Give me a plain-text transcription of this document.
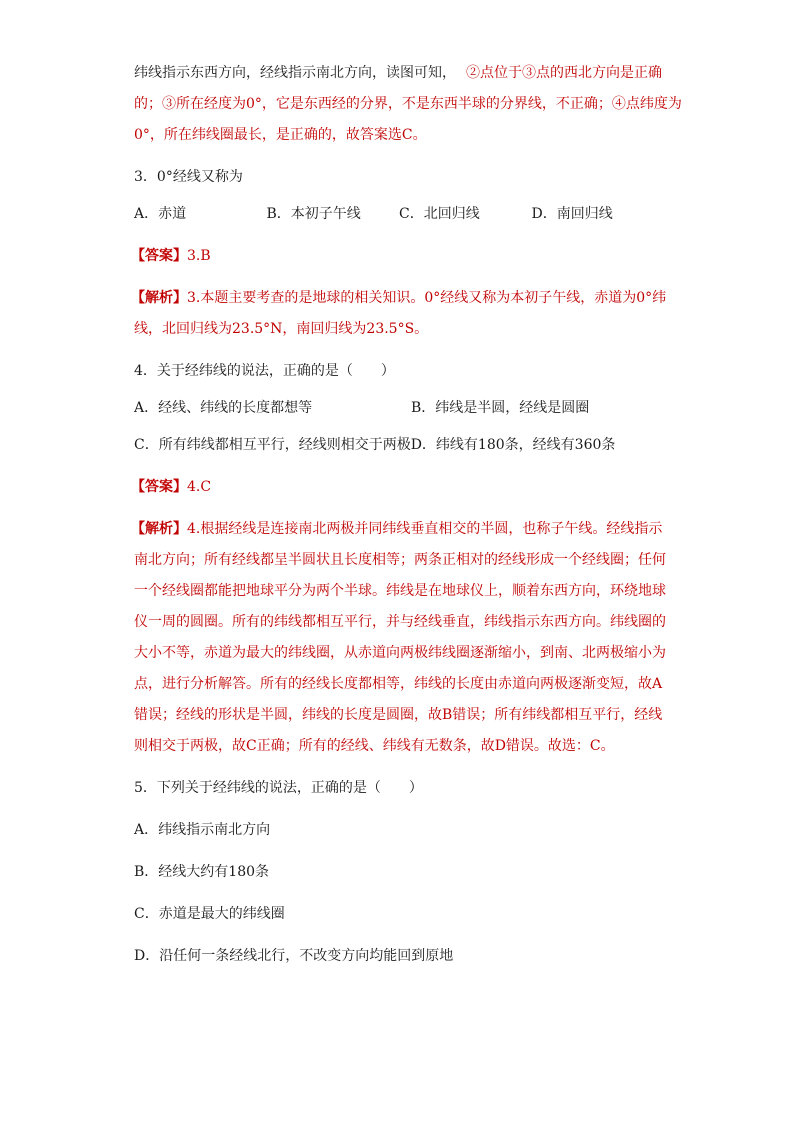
纬线指示东西方向，经线指示南北方向，读图可知， ②点位于③点的西北方向是正确

的；③所在经度为0°，它是东西经的分界，不是东西半球的分界线，不正确；④点纬度为

0°，所在纬线圈最长，是正确的，故答案选C。

3．0°经线又称为

A．赤道	B．本初子午线	C．北回归线	D．南回归线

【答案】3.B

【解析】3.本题主要考查的是地球的相关知识。0°经线又称为本初子午线，赤道为0°纬

线，北回归线为23.5°N，南回归线为23.5°S。

4．关于经纬线的说法，正确的是（　　）

A．经线、纬线的长度都想等	B．纬线是半圆，经线是圆圈

C．所有纬线都相互平行，经线则相交于两极D．纬线有180条，经线有360条

【答案】4.C

【解析】4.根据经线是连接南北两极并同纬线垂直相交的半圆，也称子午线。经线指示

南北方向；所有经线都呈半圆状且长度相等；两条正相对的经线形成一个经线圈；任何

一个经线圈都能把地球平分为两个半球。纬线是在地球仪上，顺着东西方向，环绕地球

仪一周的圆圈。所有的纬线都相互平行，并与经线垂直，纬线指示东西方向。纬线圈的

大小不等，赤道为最大的纬线圈，从赤道向两极纬线圈逐渐缩小，到南、北两极缩小为

点，进行分析解答。所有的经线长度都相等，纬线的长度由赤道向两极逐渐变短，故A

错误；经线的形状是半圆，纬线的长度是圆圈，故B错误；所有纬线都相互平行，经线

则相交于两极，故C正确；所有的经线、纬线有无数条，故D错误。故选：C。

5．下列关于经纬线的说法，正确的是（　　）

A．纬线指示南北方向

B．经线大约有180条

C．赤道是最大的纬线圈

D．沿任何一条经线北行，不改变方向均能回到原地
